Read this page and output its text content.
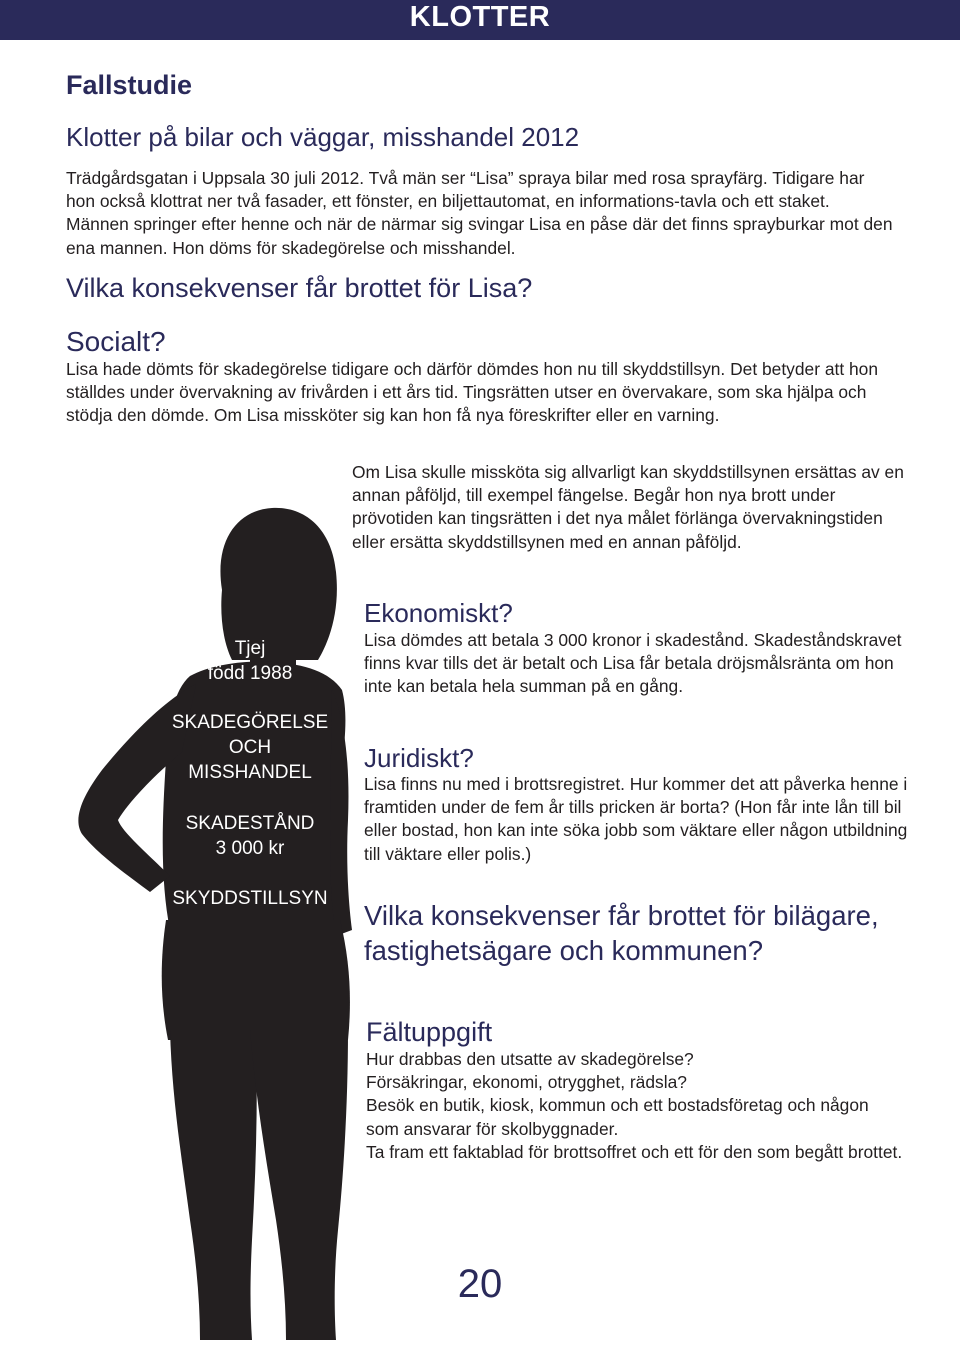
KLOTTER
Fallstudie
Klotter på bilar och väggar, misshandel 2012
Trädgårdsgatan i Uppsala 30 juli 2012. Två män ser “Lisa” spraya bilar med rosa sprayfärg. Tidigare har hon också klottrat ner två fasader, ett fönster, en biljettautomat, en informations-tavla och ett staket. Männen springer efter henne och när de närmar sig svingar Lisa en påse där det finns sprayburkar mot den ena mannen. Hon döms för skadegörelse och misshandel.
Vilka konsekvenser får brottet för Lisa?
Socialt?
Lisa hade dömts för skadegörelse tidigare och därför dömdes hon nu till skyddstillsyn. Det betyder att hon ställdes under övervakning av frivården i ett års tid. Tingsrätten utser en övervakare, som ska hjälpa och stödja den dömde. Om Lisa missköter sig kan hon få nya föreskrifter eller en varning.
Om Lisa skulle missköta sig allvarligt kan skyddstillsynen ersättas av en annan påföljd, till exempel fängelse. Begår hon nya brott under prövotiden kan tingsrätten i det nya målet förlänga övervakningstiden eller ersätta skyddstillsynen med en annan påföljd.
Tjej
född 1988
SKADEGÖRELSE
OCH
MISSHANDEL
SKADESTÅND
3 000 kr
SKYDDSTILLSYN
Ekonomiskt?
Lisa dömdes att betala 3 000 kronor i skadestånd. Skadeståndskravet finns kvar tills det är betalt och Lisa får betala dröjsmålsränta om hon inte kan betala hela summan på en gång.
Juridiskt?
Lisa finns nu med i brottsregistret. Hur kommer det att påverka henne i framtiden under de fem år tills pricken är borta? (Hon får inte lån till bil eller bostad, hon kan inte söka jobb som väktare eller någon utbildning till väktare eller polis.)
Vilka konsekvenser får brottet för bilägare, fastighetsägare och kommunen?
Fältuppgift
Hur drabbas den utsatte av skadegörelse?
Försäkringar, ekonomi, otrygghet, rädsla?
Besök en butik, kiosk, kommun och ett bostadsföretag och någon som ansvarar för skolbyggnader.
Ta fram ett faktablad för brottsoffret och ett för den som begått brottet.
20
